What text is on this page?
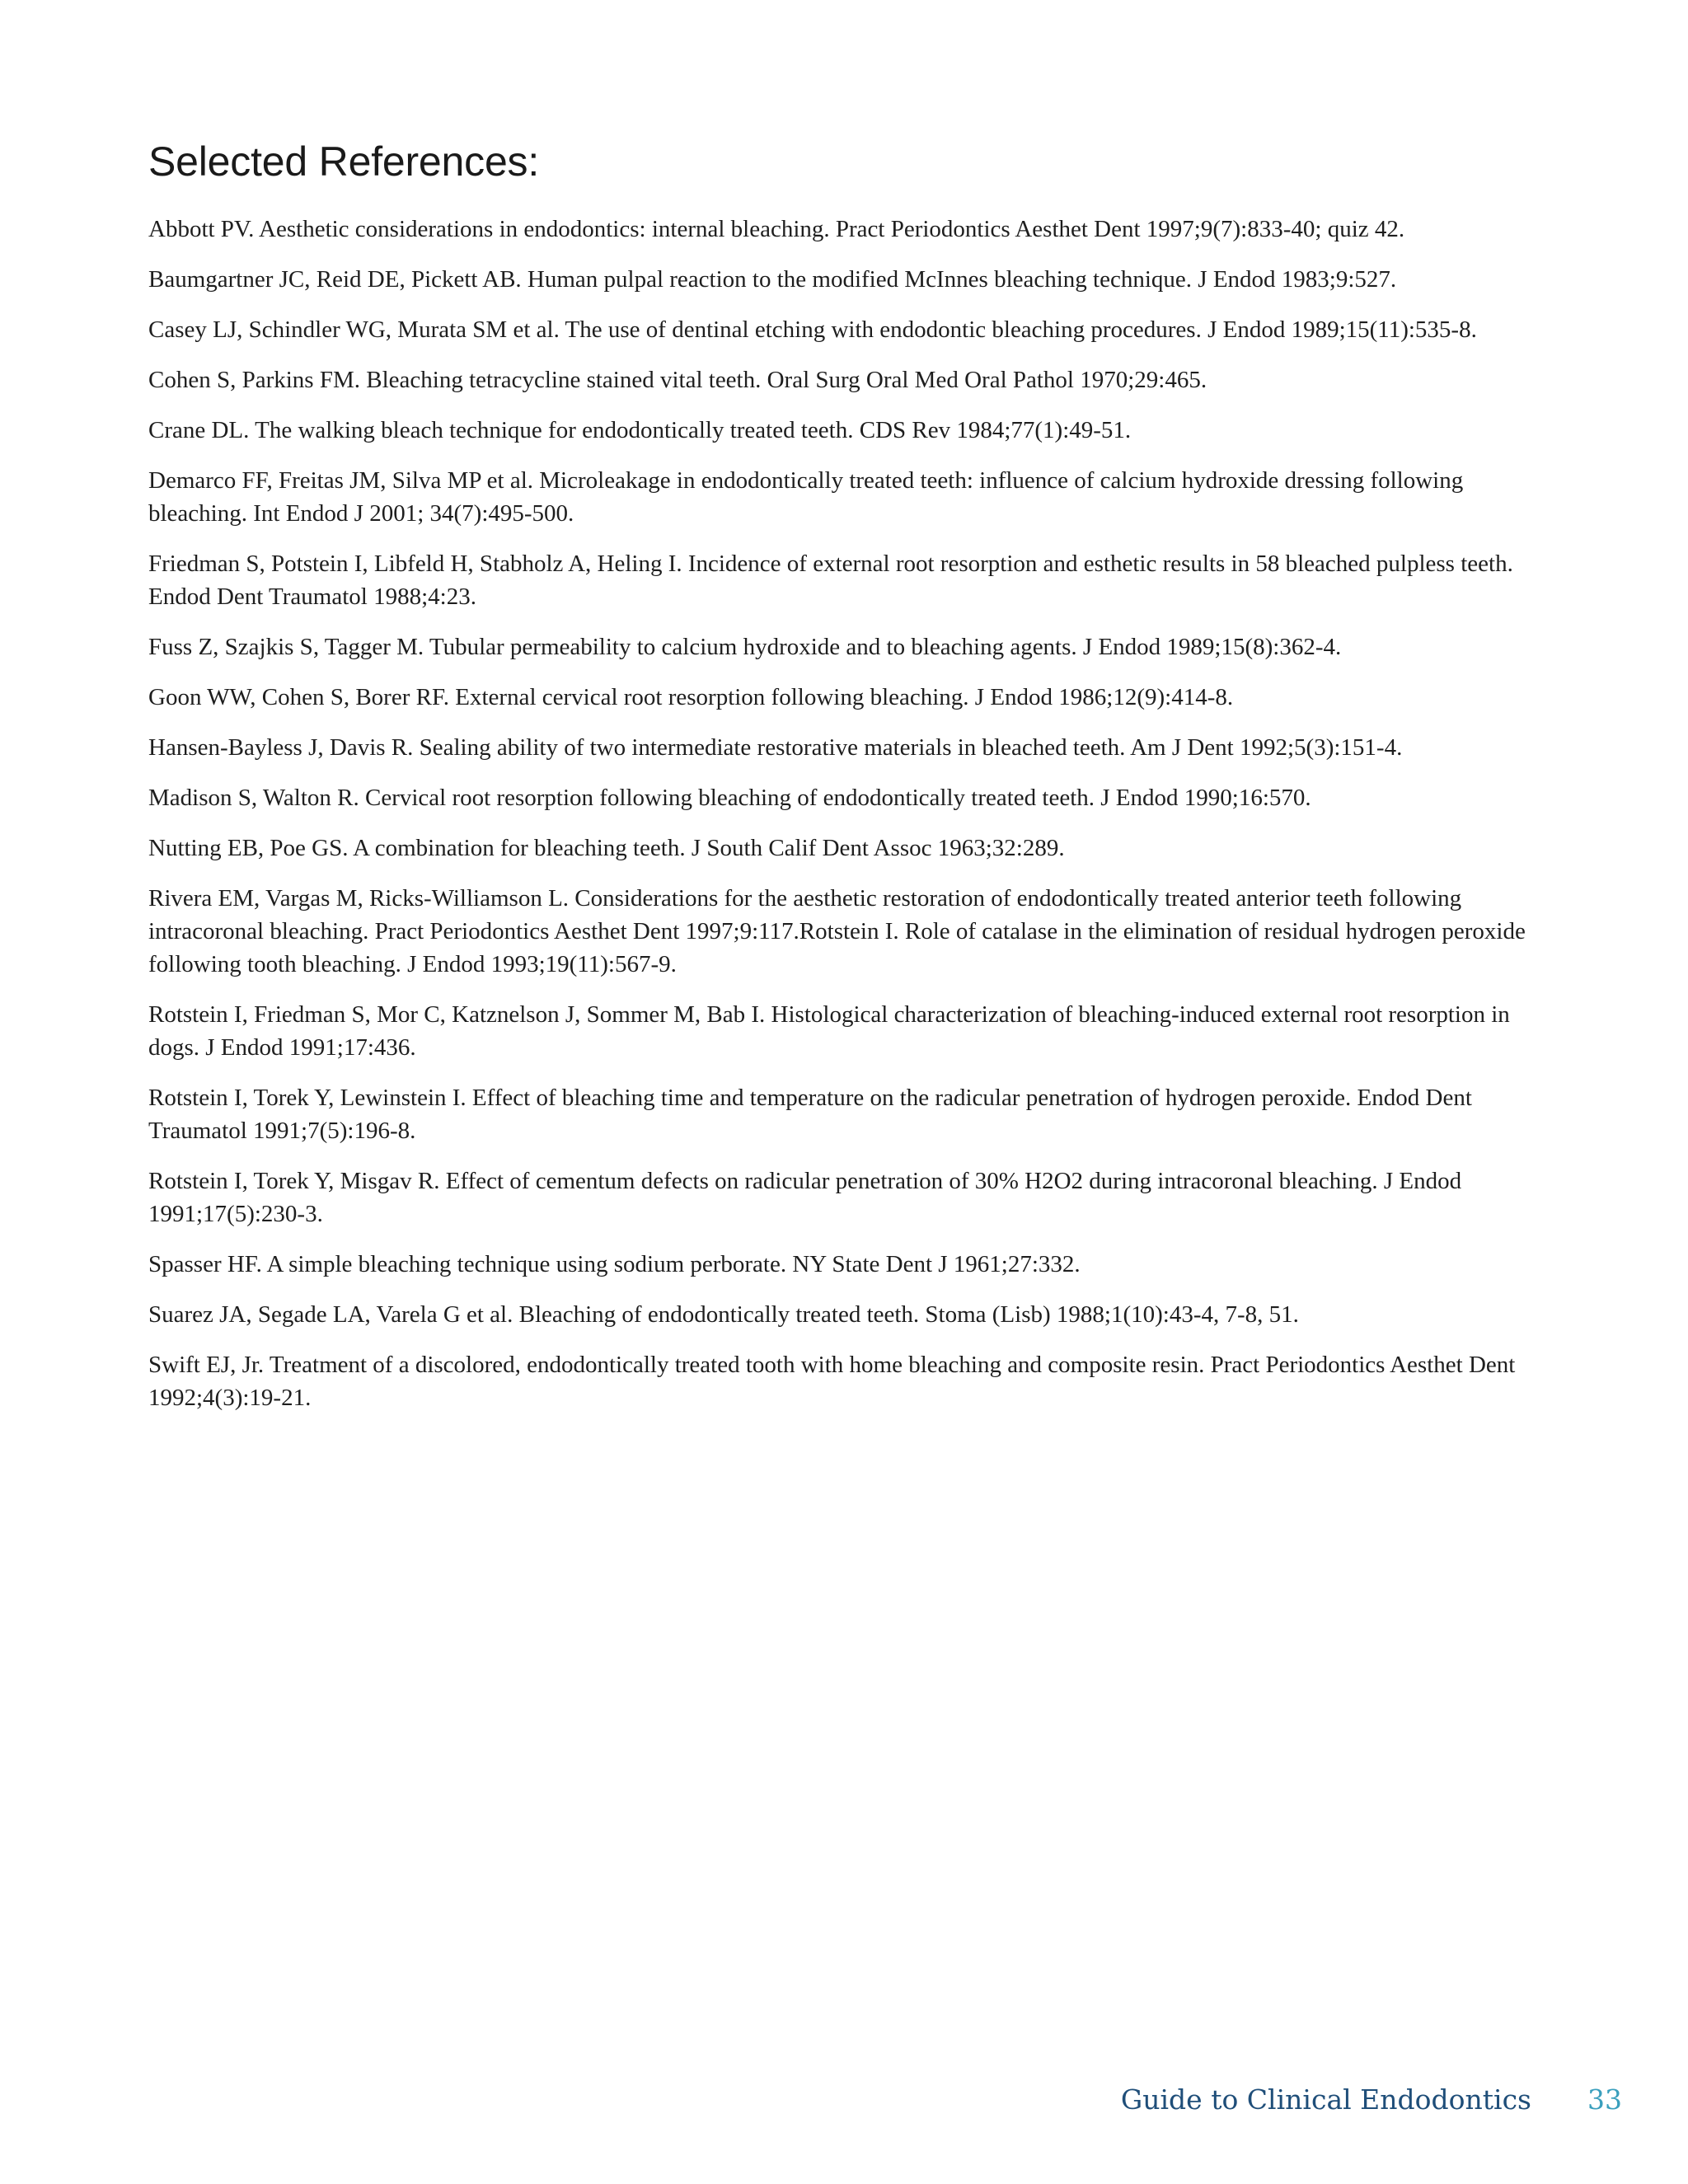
Selected References:
Abbott PV. Aesthetic considerations in endodontics: internal bleaching. Pract Periodontics Aesthet Dent 1997;9(7):833-40; quiz 42.
Baumgartner JC, Reid DE, Pickett AB. Human pulpal reaction to the modified McInnes bleaching technique. J Endod 1983;9:527.
Casey LJ, Schindler WG, Murata SM et al. The use of dentinal etching with endodontic bleaching procedures. J Endod 1989;15(11):535-8.
Cohen S, Parkins FM. Bleaching tetracycline stained vital teeth. Oral Surg Oral Med Oral Pathol 1970;29:465.
Crane DL. The walking bleach technique for endodontically treated teeth. CDS Rev 1984;77(1):49-51.
Demarco FF, Freitas JM, Silva MP et al. Microleakage in endodontically treated teeth: influence of calcium hydroxide dressing following bleaching. Int Endod J 2001; 34(7):495-500.
Friedman S, Potstein I, Libfeld H, Stabholz A, Heling I. Incidence of external root resorption and esthetic results in 58 bleached pulpless teeth. Endod Dent Traumatol 1988;4:23.
Fuss Z, Szajkis S, Tagger M. Tubular permeability to calcium hydroxide and to bleaching agents. J Endod 1989;15(8):362-4.
Goon WW, Cohen S, Borer RF. External cervical root resorption following bleaching. J Endod 1986;12(9):414-8.
Hansen-Bayless J, Davis R. Sealing ability of two intermediate restorative materials in bleached teeth. Am J Dent 1992;5(3):151-4.
Madison S, Walton R. Cervical root resorption following bleaching of endodontically treated teeth. J Endod 1990;16:570.
Nutting EB, Poe GS. A combination for bleaching teeth. J South Calif Dent Assoc 1963;32:289.
Rivera EM, Vargas M, Ricks-Williamson L. Considerations for the aesthetic restoration of endodontically treated anterior teeth following intracoronal bleaching. Pract Periodontics Aesthet Dent 1997;9:117.Rotstein I. Role of catalase in the elimination of residual hydrogen peroxide following tooth bleaching. J Endod 1993;19(11):567-9.
Rotstein I, Friedman S, Mor C, Katznelson J, Sommer M, Bab I. Histological characterization of bleaching-induced external root resorption in dogs. J Endod 1991;17:436.
Rotstein I, Torek Y, Lewinstein I. Effect of bleaching time and temperature on the radicular penetration of hydrogen peroxide. Endod Dent Traumatol 1991;7(5):196-8.
Rotstein I, Torek Y, Misgav R. Effect of cementum defects on radicular penetration of 30% H2O2 during intracoronal bleaching. J Endod 1991;17(5):230-3.
Spasser HF. A simple bleaching technique using sodium perborate. NY State Dent J 1961;27:332.
Suarez JA, Segade LA, Varela G et al. Bleaching of endodontically treated teeth. Stoma (Lisb) 1988;1(10):43-4, 7-8, 51.
Swift EJ, Jr. Treatment of a discolored, endodontically treated tooth with home bleaching and composite resin. Pract Periodontics Aesthet Dent 1992;4(3):19-21.
Guide to Clinical Endodontics 33
